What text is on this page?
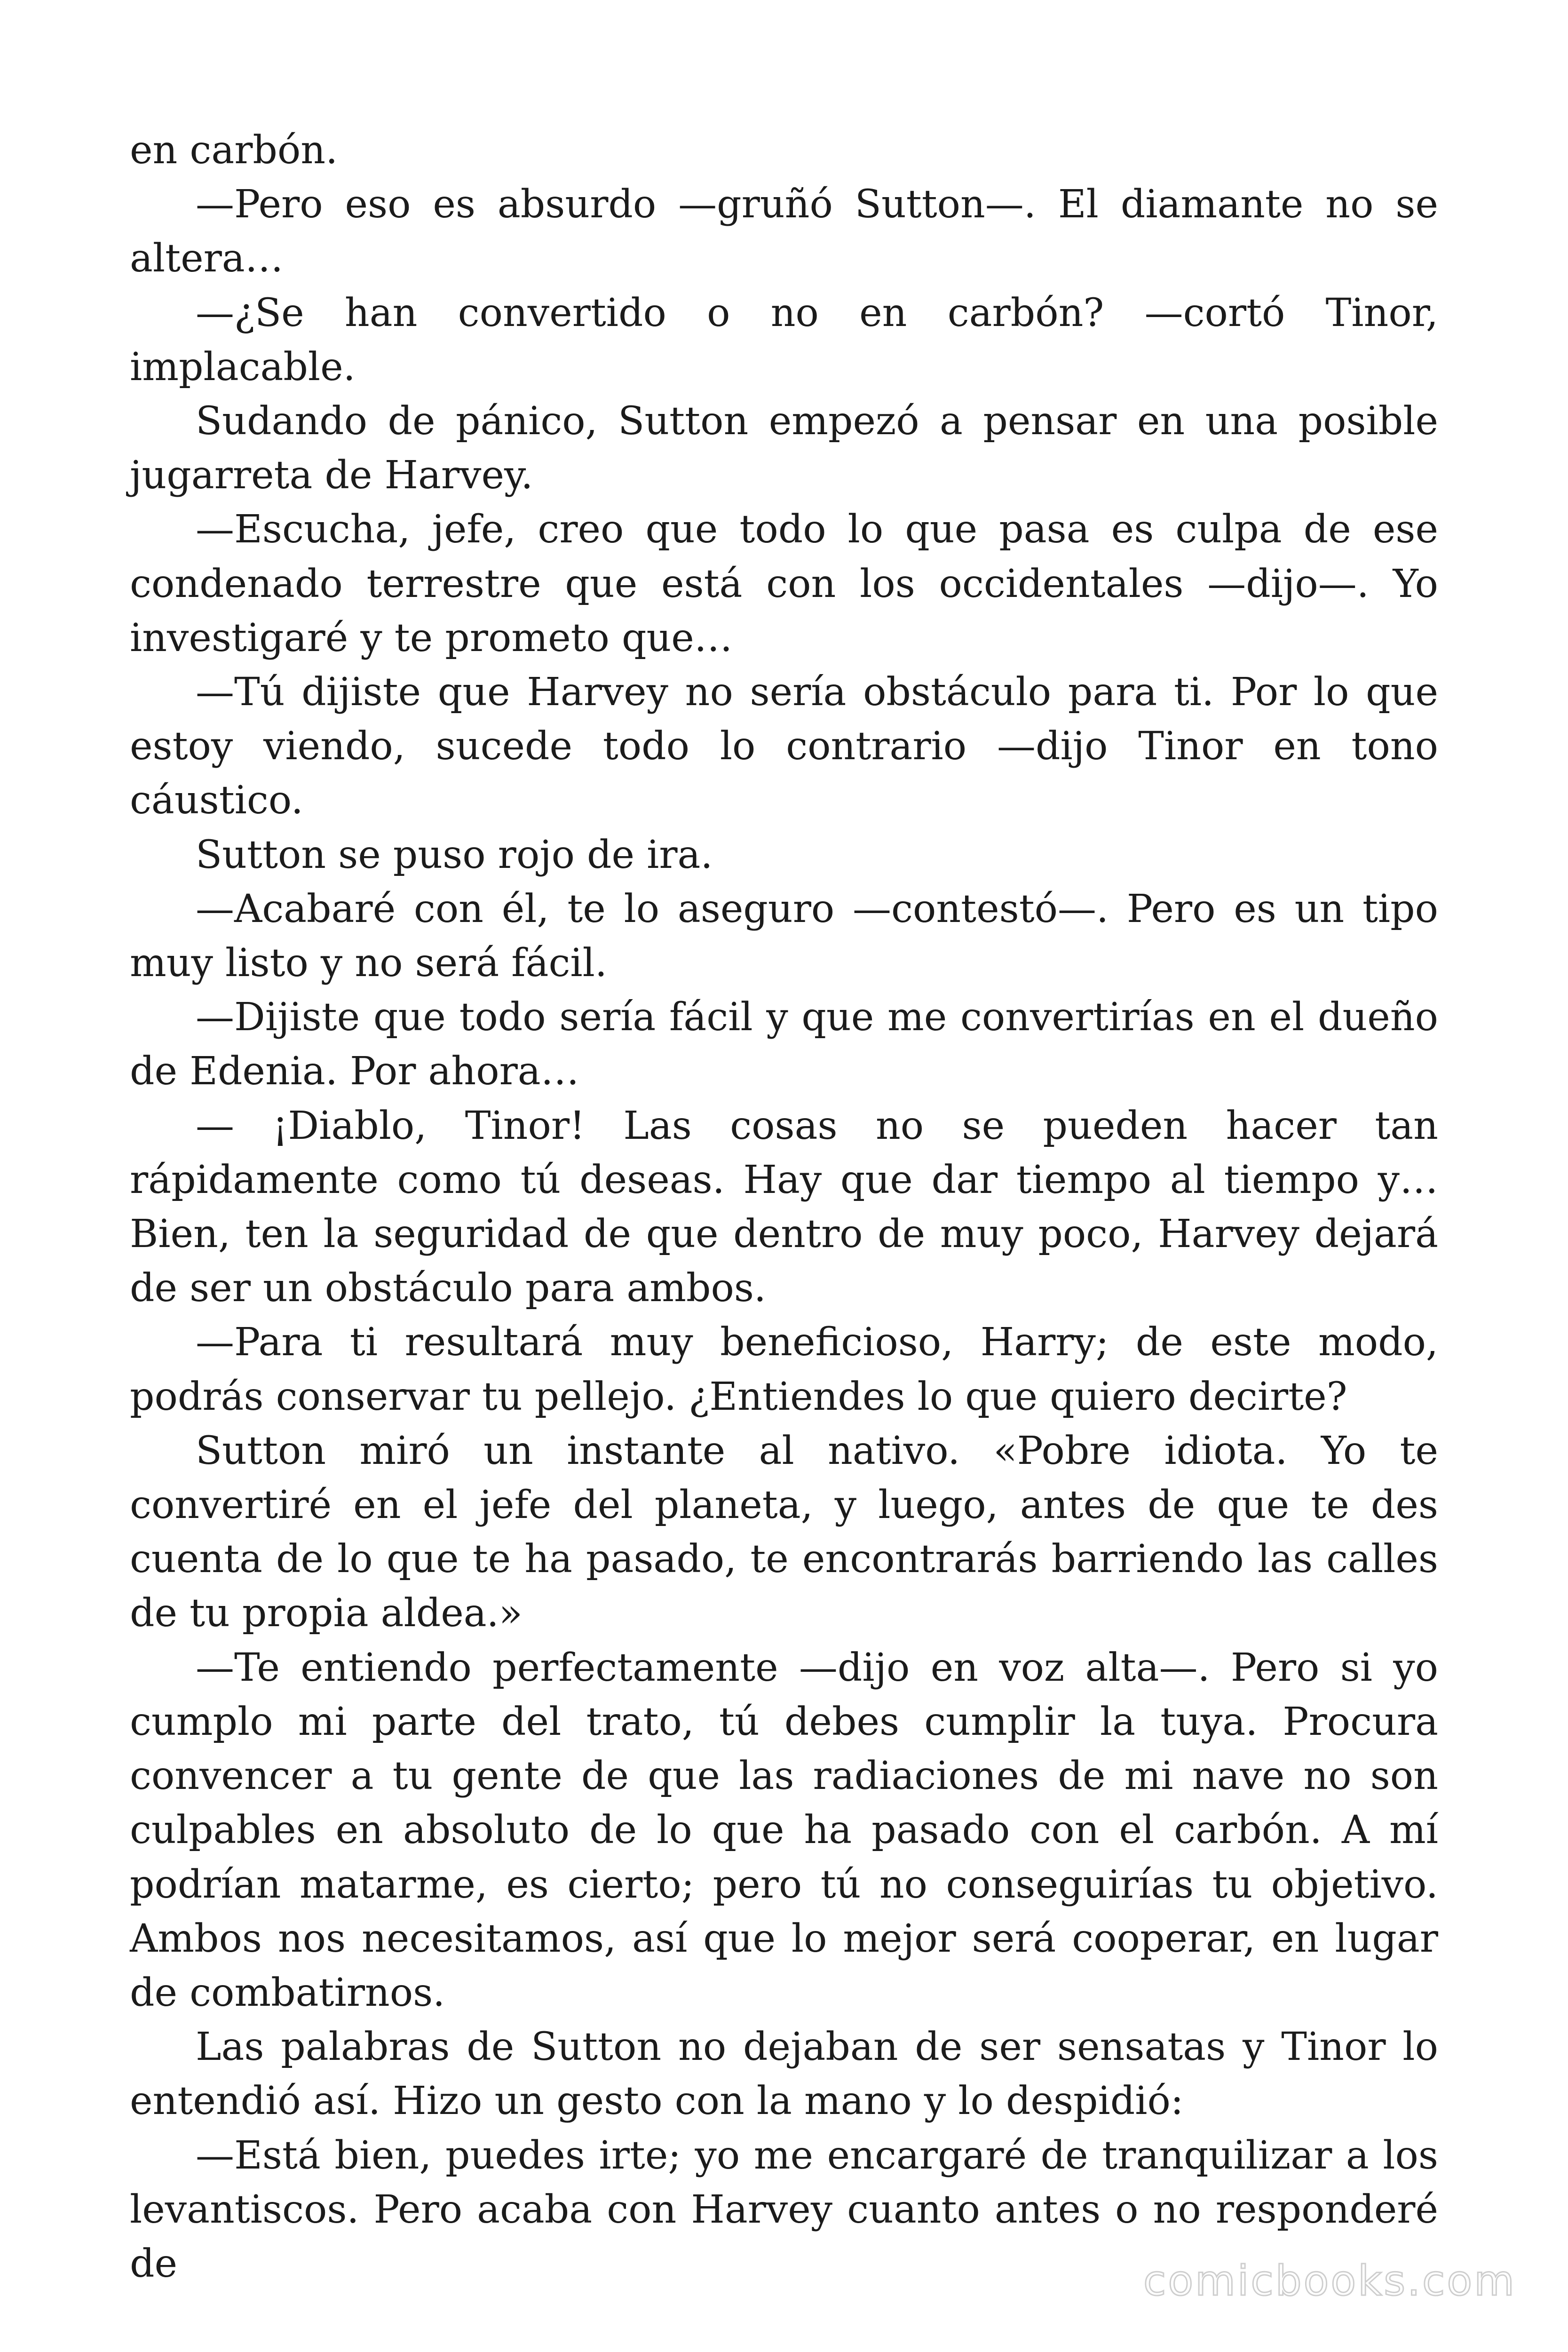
en carbón.

—Pero eso es absurdo —gruñó Sutton—. El diamante no se altera…

—¿Se han convertido o no en carbón? —cortó Tinor, implacable.

Sudando de pánico, Sutton empezó a pensar en una posible jugarreta de Harvey.

—Escucha, jefe, creo que todo lo que pasa es culpa de ese condenado terrestre que está con los occidentales —dijo—. Yo investigaré y te prometo que…

—Tú dijiste que Harvey no sería obstáculo para ti. Por lo que estoy viendo, sucede todo lo contrario —dijo Tinor en tono cáustico.

Sutton se puso rojo de ira.

—Acabaré con él, te lo aseguro —contestó—. Pero es un tipo muy listo y no será fácil.

—Dijiste que todo sería fácil y que me convertirías en el dueño de Edenia. Por ahora…

— ¡Diablo, Tinor! Las cosas no se pueden hacer tan rápidamente como tú deseas. Hay que dar tiempo al tiempo y… Bien, ten la seguridad de que dentro de muy poco, Harvey dejará de ser un obstáculo para ambos.

—Para ti resultará muy beneficioso, Harry; de este modo, podrás conservar tu pellejo. ¿Entiendes lo que quiero decirte?

Sutton miró un instante al nativo. «Pobre idiota. Yo te convertiré en el jefe del planeta, y luego, antes de que te des cuenta de lo que te ha pasado, te encontrarás barriendo las calles de tu propia aldea.»

—Te entiendo perfectamente —dijo en voz alta—. Pero si yo cumplo mi parte del trato, tú debes cumplir la tuya. Procura convencer a tu gente de que las radiaciones de mi nave no son culpables en absoluto de lo que ha pasado con el carbón. A mí podrían matarme, es cierto; pero tú no conseguirías tu objetivo. Ambos nos necesitamos, así que lo mejor será cooperar, en lugar de combatirnos.

Las palabras de Sutton no dejaban de ser sensatas y Tinor lo entendió así. Hizo un gesto con la mano y lo despidió:

—Está bien, puedes irte; yo me encargaré de tranquilizar a los levantiscos. Pero acaba con Harvey cuanto antes o no responderé de	comicbooks.com
